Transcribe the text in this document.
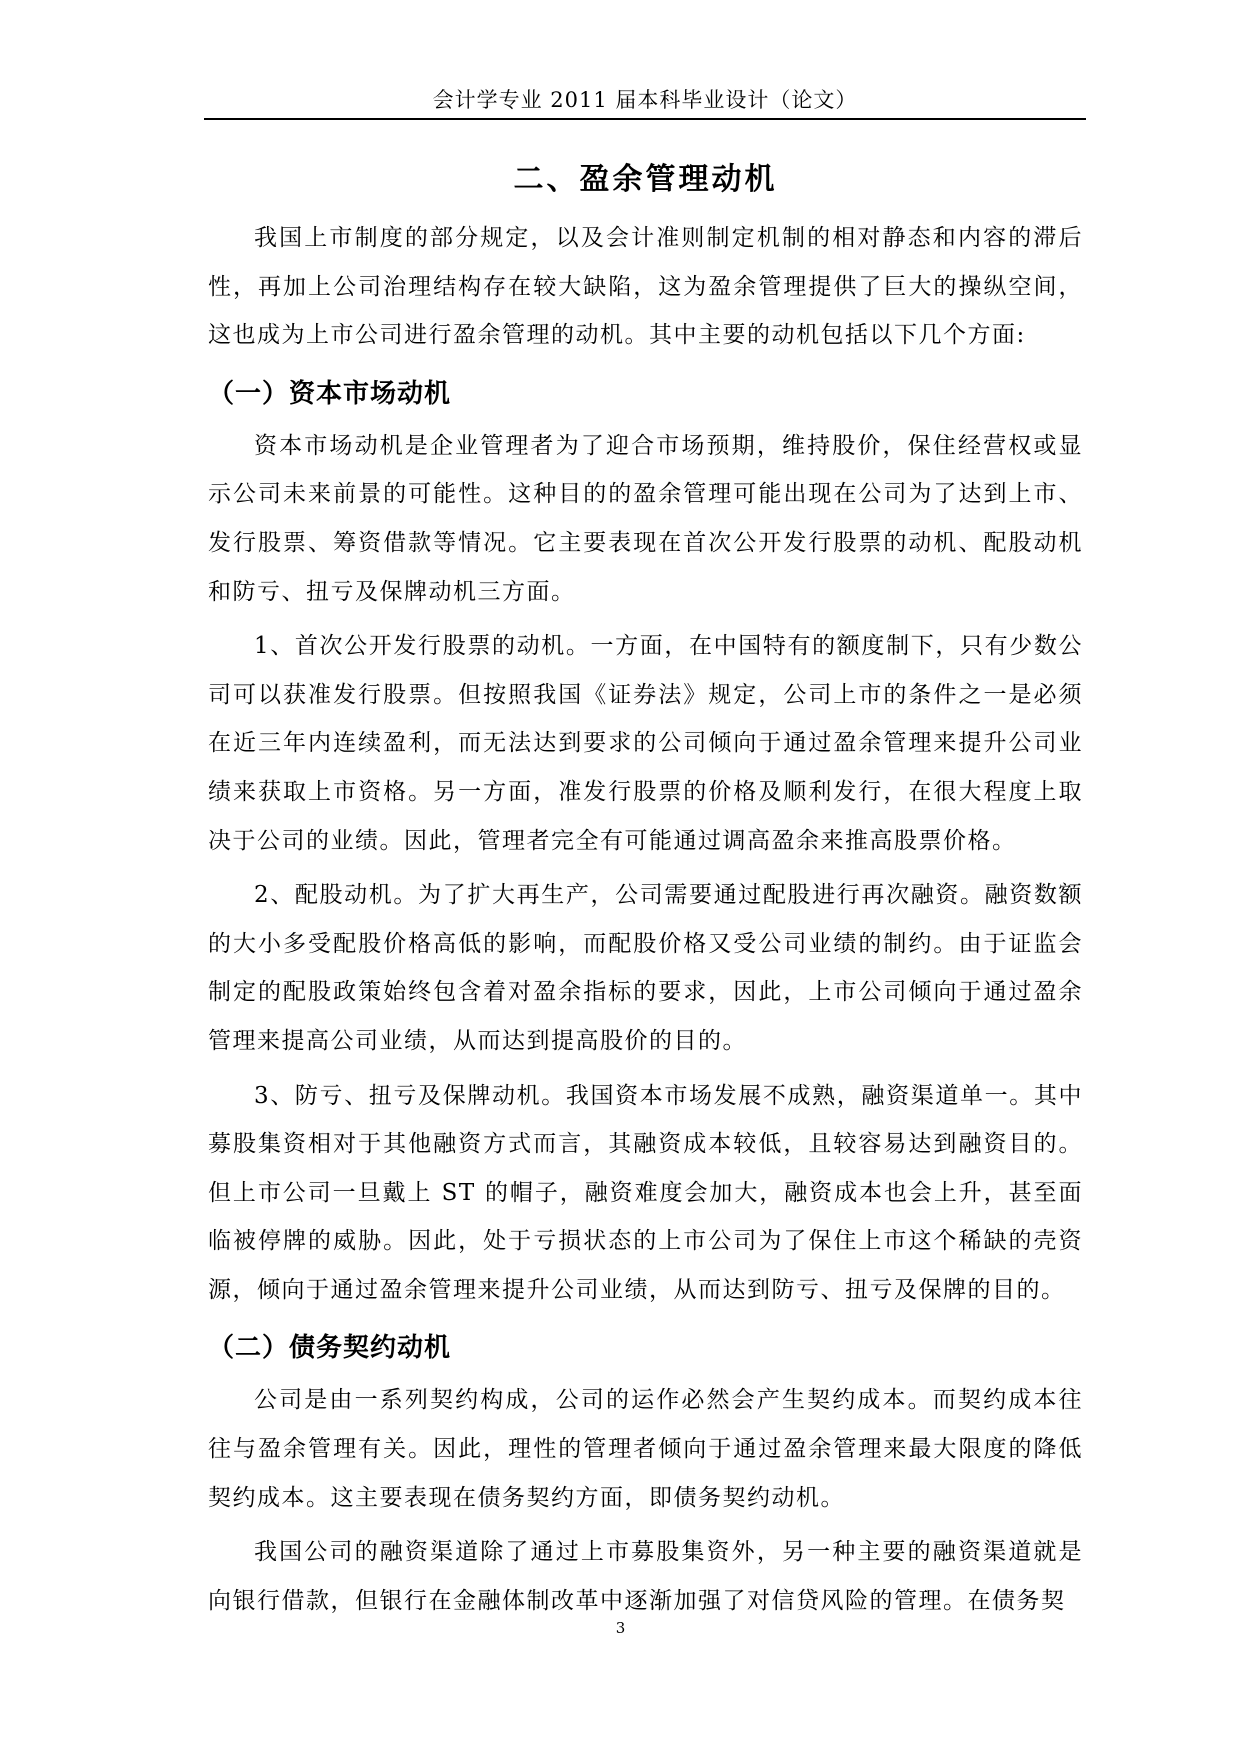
会计学专业 2011 届本科毕业设计（论文）
二、盈余管理动机

我国上市制度的部分规定，以及会计准则制定机制的相对静态和内容的滞后性，再加上公司治理结构存在较大缺陷，这为盈余管理提供了巨大的操纵空间，这也成为上市公司进行盈余管理的动机。其中主要的动机包括以下几个方面:

（一）资本市场动机

资本市场动机是企业管理者为了迎合市场预期，维持股价，保住经营权或显示公司未来前景的可能性。这种目的的盈余管理可能出现在公司为了达到上市、发行股票、筹资借款等情况。它主要表现在首次公开发行股票的动机、配股动机和防亏、扭亏及保牌动机三方面。

1、首次公开发行股票的动机。一方面，在中国特有的额度制下，只有少数公司可以获准发行股票。但按照我国《证券法》规定，公司上市的条件之一是必须在近三年内连续盈利，而无法达到要求的公司倾向于通过盈余管理来提升公司业绩来获取上市资格。另一方面，准发行股票的价格及顺利发行，在很大程度上取决于公司的业绩。因此，管理者完全有可能通过调高盈余来推高股票价格。

2、配股动机。为了扩大再生产，公司需要通过配股进行再次融资。融资数额的大小多受配股价格高低的影响，而配股价格又受公司业绩的制约。由于证监会制定的配股政策始终包含着对盈余指标的要求，因此，上市公司倾向于通过盈余管理来提高公司业绩，从而达到提高股价的目的。

3、防亏、扭亏及保牌动机。我国资本市场发展不成熟，融资渠道单一。其中募股集资相对于其他融资方式而言，其融资成本较低，且较容易达到融资目的。但上市公司一旦戴上 ST 的帽子，融资难度会加大，融资成本也会上升，甚至面临被停牌的威胁。因此，处于亏损状态的上市公司为了保住上市这个稀缺的壳资源，倾向于通过盈余管理来提升公司业绩，从而达到防亏、扭亏及保牌的目的。

（二）债务契约动机

公司是由一系列契约构成，公司的运作必然会产生契约成本。而契约成本往往与盈余管理有关。因此，理性的管理者倾向于通过盈余管理来最大限度的降低契约成本。这主要表现在债务契约方面，即债务契约动机。

我国公司的融资渠道除了通过上市募股集资外，另一种主要的融资渠道就是向银行借款，但银行在金融体制改革中逐渐加强了对信贷风险的管理。在债务契

3
